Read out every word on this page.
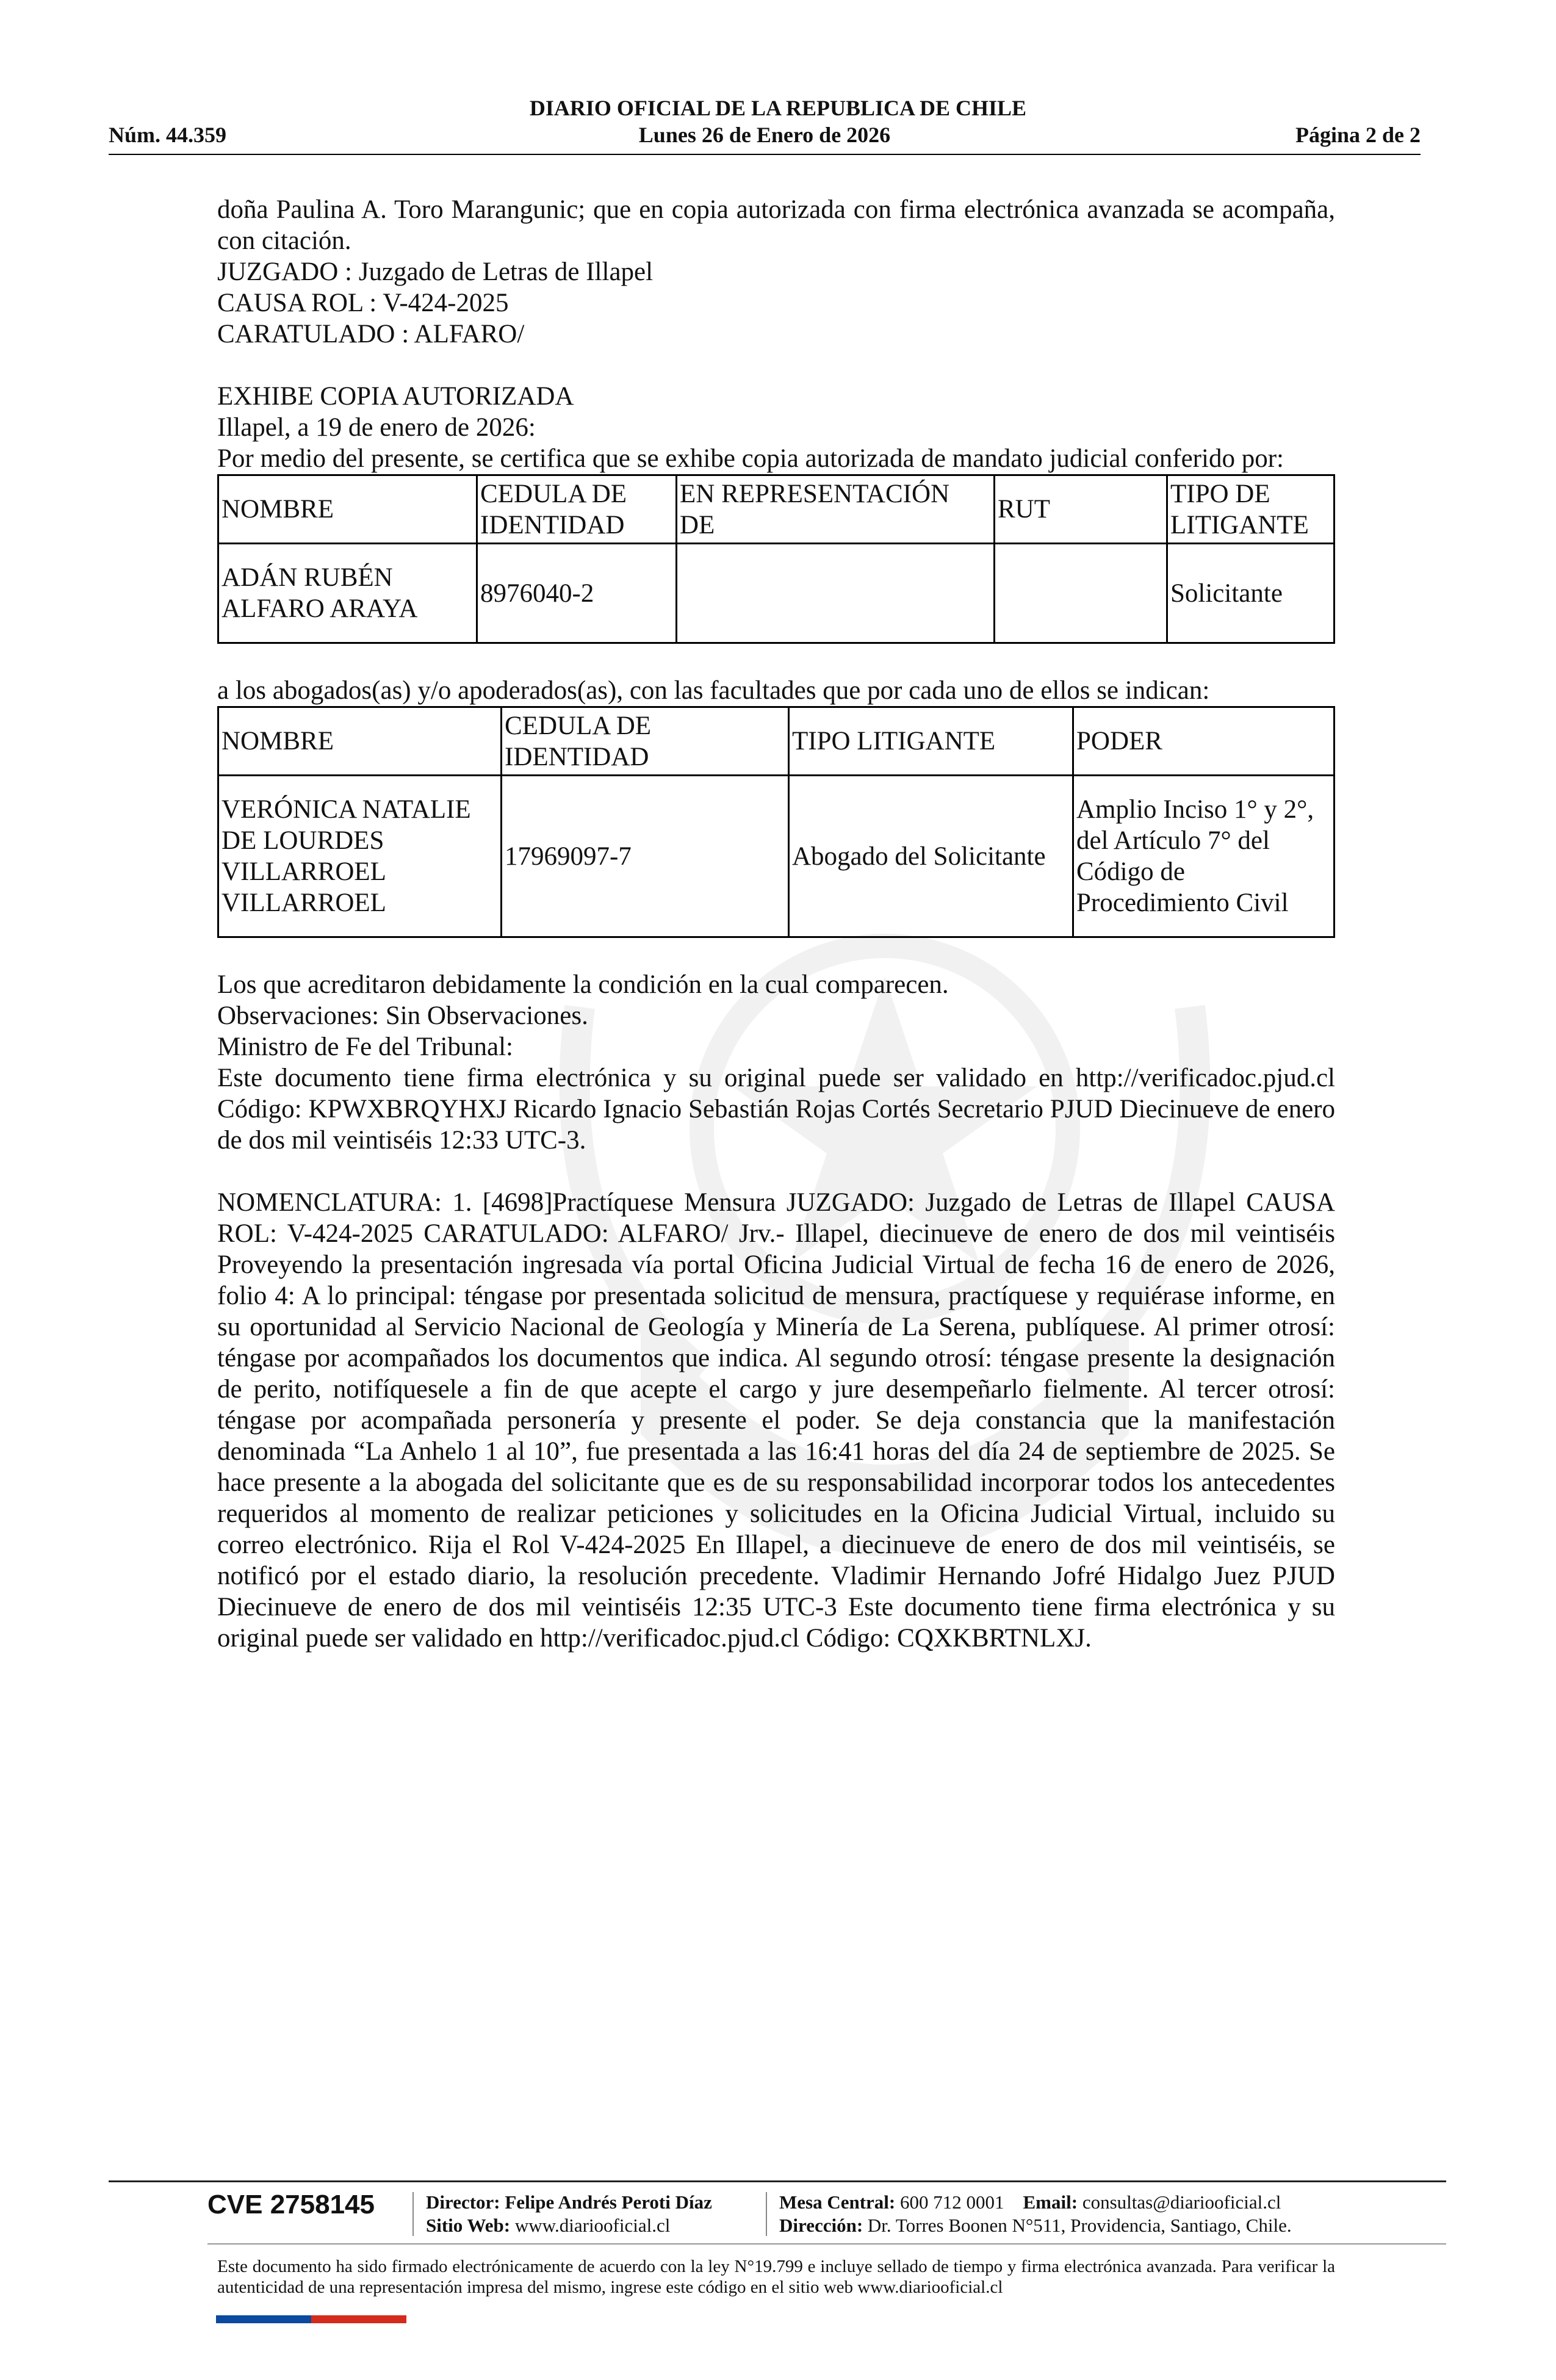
DIARIO OFICIAL DE LA REPUBLICA DE CHILE
Lunes 26 de Enero de 2026
Núm. 44.359	Página 2 de 2

doña Paulina A. Toro Marangunic; que en copia autorizada con firma electrónica avanzada se acompaña, con citación.

JUZGADO : Juzgado de Letras de Illapel

CAUSA ROL : V-424-2025

CARATULADO : ALFARO/

EXHIBE COPIA AUTORIZADA

Illapel, a 19 de enero de 2026:

Por medio del presente, se certifica que se exhibe copia autorizada de mandato judicial conferido por:

NOMBRE	CEDULA DE IDENTIDAD	EN REPRESENTACIÓN DE	RUT	TIPO DE LITIGANTE
ADÁN RUBÉN ALFARO ARAYA	8976040-2			Solicitante

a los abogados(as) y/o apoderados(as), con las facultades que por cada uno de ellos se indican:

NOMBRE	CEDULA DE IDENTIDAD	TIPO LITIGANTE	PODER
VERÓNICA NATALIE DE LOURDES VILLARROEL VILLARROEL	17969097-7	Abogado del Solicitante	Amplio Inciso 1° y 2°, del Artículo 7° del Código de Procedimiento Civil

Los que acreditaron debidamente la condición en la cual comparecen.

Observaciones: Sin Observaciones.

Ministro de Fe del Tribunal:

Este documento tiene firma electrónica y su original puede ser validado en http://verificadoc.pjud.cl Código: KPWXBRQYHXJ Ricardo Ignacio Sebastián Rojas Cortés Secretario PJUD Diecinueve de enero de dos mil veintiséis 12:33 UTC-3.

NOMENCLATURA: 1. [4698]Practíquese Mensura JUZGADO: Juzgado de Letras de Illapel CAUSA ROL: V-424-2025 CARATULADO: ALFARO/ Jrv.- Illapel, diecinueve de enero de dos mil veintiséis Proveyendo la presentación ingresada vía portal Oficina Judicial Virtual de fecha 16 de enero de 2026, folio 4: A lo principal: téngase por presentada solicitud de mensura, practíquese y requiérase informe, en su oportunidad al Servicio Nacional de Geología y Minería de La Serena, publíquese. Al primer otrosí: téngase por acompañados los documentos que indica. Al segundo otrosí: téngase presente la designación de perito, notifíquesele a fin de que acepte el cargo y jure desempeñarlo fielmente. Al tercer otrosí: téngase por acompañada personería y presente el poder. Se deja constancia que la manifestación denominada “La Anhelo 1 al 10”, fue presentada a las 16:41 horas del día 24 de septiembre de 2025. Se hace presente a la abogada del solicitante que es de su responsabilidad incorporar todos los antecedentes requeridos al momento de realizar peticiones y solicitudes en la Oficina Judicial Virtual, incluido su correo electrónico. Rija el Rol V-424-2025 En Illapel, a diecinueve de enero de dos mil veintiséis, se notificó por el estado diario, la resolución precedente. Vladimir Hernando Jofré Hidalgo Juez PJUD Diecinueve de enero de dos mil veintiséis 12:35 UTC-3 Este documento tiene firma electrónica y su original puede ser validado en http://verificadoc.pjud.cl Código: CQXKBRTNLXJ.

CVE 2758145	Director: Felipe Andrés Peroti Díaz
Sitio Web: www.diariooficial.cl
Mesa Central: 600 712 0001 Email: consultas@diariooficial.cl
Dirección: Dr. Torres Boonen N°511, Providencia, Santiago, Chile.
Este documento ha sido firmado electrónicamente de acuerdo con la ley N°19.799 e incluye sellado de tiempo y firma electrónica avanzada. Para verificar la autenticidad de una representación impresa del mismo, ingrese este código en el sitio web www.diariooficial.cl
